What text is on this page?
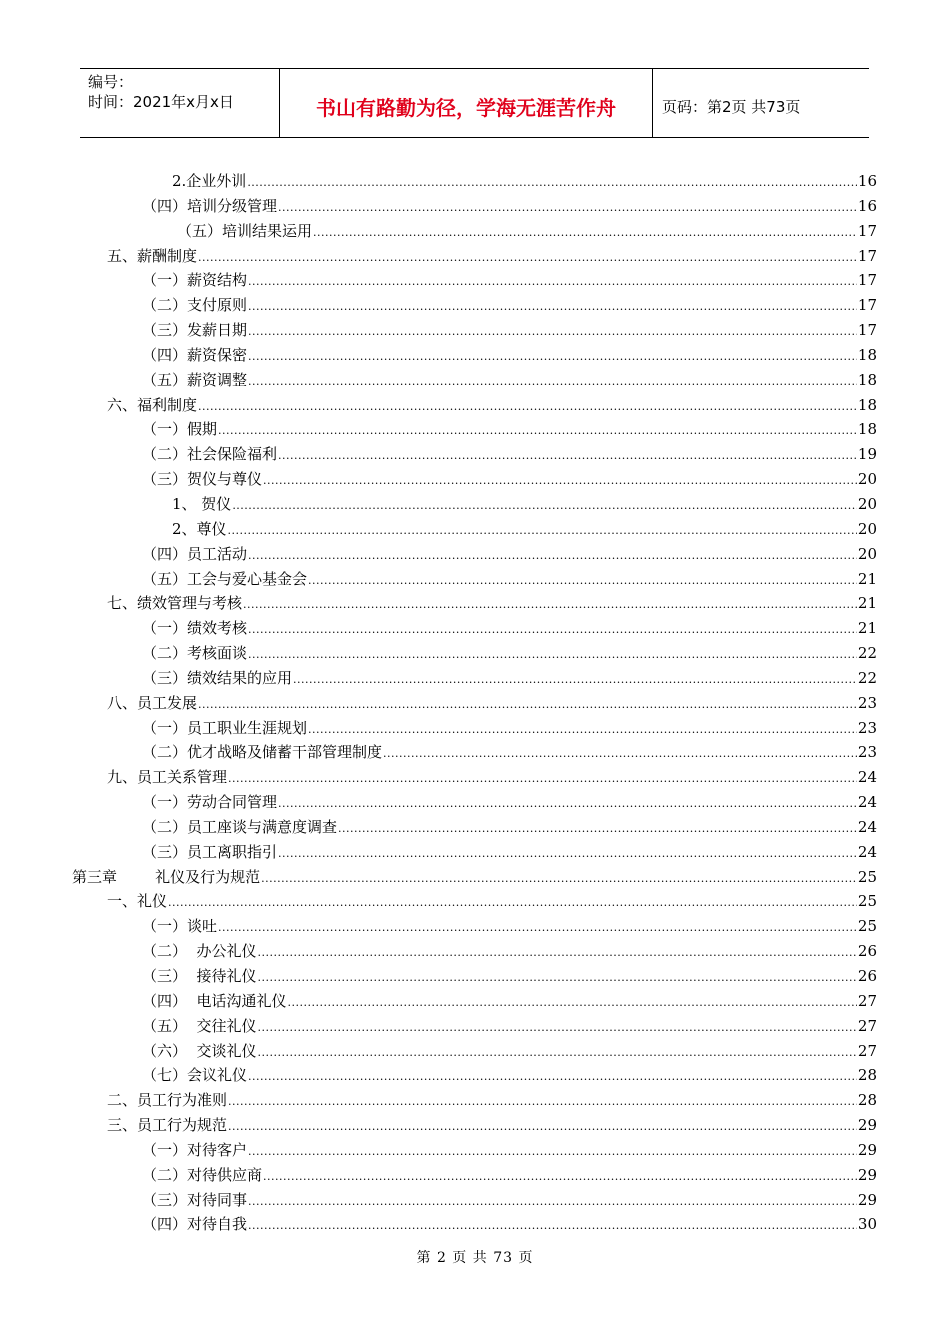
编号：
时间：2021年x月x日	书山有路勤为径，学海无涯苦作舟	页码：第2页 共73页
2.企业外训 .....	16
（四）培训分级管理 .....	16
（五）培训结果运用 .....	17
五、薪酬制度 .....	17
（一）薪资结构 .....	17
（二）支付原则 .....	17
（三）发薪日期 .....	17
（四）薪资保密 .....	18
（五）薪资调整 .....	18
六、福利制度 .....	18
（一）假期 .....	18
（二）社会保险福利 .....	19
（三）贺仪与尊仪 .....	20
1、 贺仪 .....	20
2、尊仪 .....	20
（四）员工活动 .....	20
（五）工会与爱心基金会 .....	21
七、绩效管理与考核 .....	21
（一）绩效考核 .....	21
（二）考核面谈 .....	22
（三）绩效结果的应用 .....	22
八、员工发展 .....	23
（一）员工职业生涯规划 .....	23
（二）优才战略及储蓄干部管理制度 .....	23
九、员工关系管理 .....	24
（一）劳动合同管理 .....	24
（二）员工座谈与满意度调查 .....	24
（三）员工离职指引 .....	24
第三章        礼仪及行为规范 .....	25
一、礼仪 .....	25
（一）谈吐 .....	25
（二）  办公礼仪 .....	26
（三）  接待礼仪 .....	26
（四）  电话沟通礼仪 .....	27
（五）  交往礼仪 .....	27
（六）  交谈礼仪 .....	27
（七）会议礼仪 .....	28
二、员工行为准则 .....	28
三、员工行为规范 .....	29
（一）对待客户 .....	29
（二）对待供应商 .....	29
（三）对待同事 .....	29
（四）对待自我 .....	30
第 2 页 共 73 页
